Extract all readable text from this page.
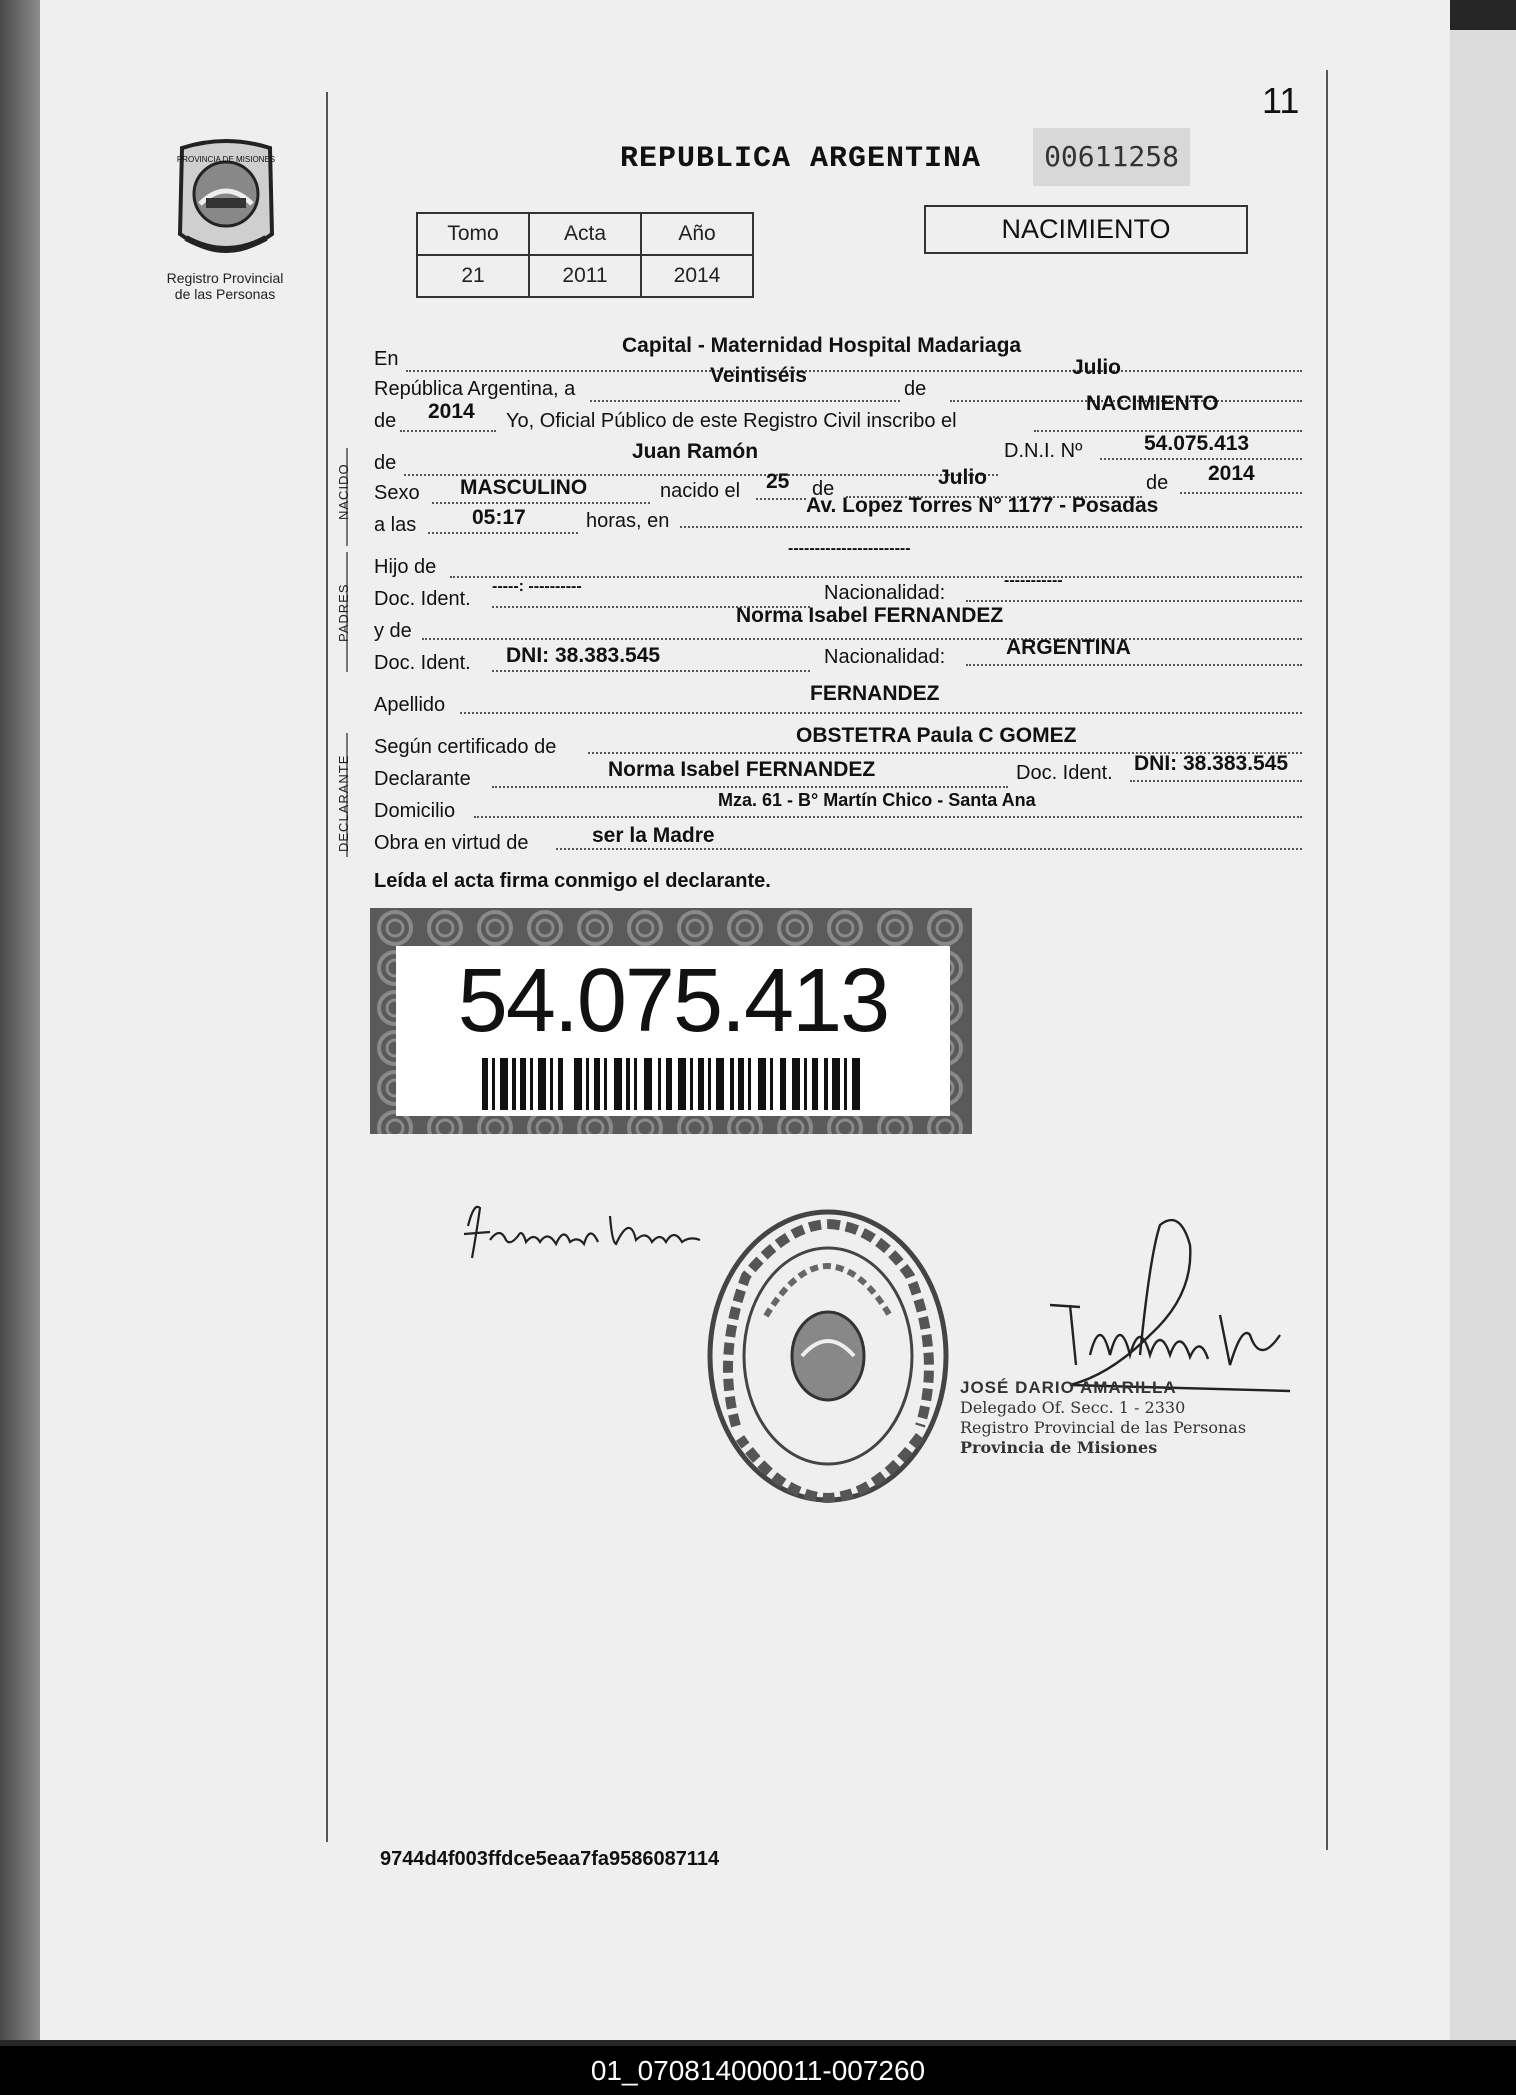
11
PROVINCIA DE MISIONES
Registro Provincial
de las Personas
REPUBLICA ARGENTINA	00611258
Tomo	Acta	Año
21	2011	2014
NACIMIENTO
NACIDO
PADRES
DECLARANTE
En
Capital - Maternidad Hospital Madariaga
República Argentina, a
Veintiséis
de
Julio
de 2014 Yo, Oficial Público de este Registro Civil inscribo el
NACIMIENTO
de	Juan Ramón	D.N.I. Nº	54.075.413
Sexo MASCULINO	nacido el 25 de	Julio	de 2014
a las	05:17	horas, en
Av. Lopez Torres N° 1177 - Posadas
Hijo de
-----------------------
Doc. Ident.
-----: ----------	Nacionalidad:
-----------
y de
Norma Isabel FERNANDEZ
Doc. Ident. DNI: 38.383.545	Nacionalidad:	ARGENTINA
Apellido	FERNANDEZ
Según certificado de	OBSTETRA Paula C GOMEZ
Declarante	Norma Isabel FERNANDEZ	Doc. Ident. DNI: 38.383.545
Domicilio	Mza. 61 - B° Martín Chico - Santa Ana
Obra en virtud de	ser la Madre
Leída el acta firma conmigo el declarante.
54.075.413
JOSÉ DARIO AMARILLA
Delegado Of. Secc. 1 - 2330
Registro Provincial de las Personas
Provincia de Misiones
9744d4f003ffdce5eaa7fa9586087114
01_070814000011-007260
